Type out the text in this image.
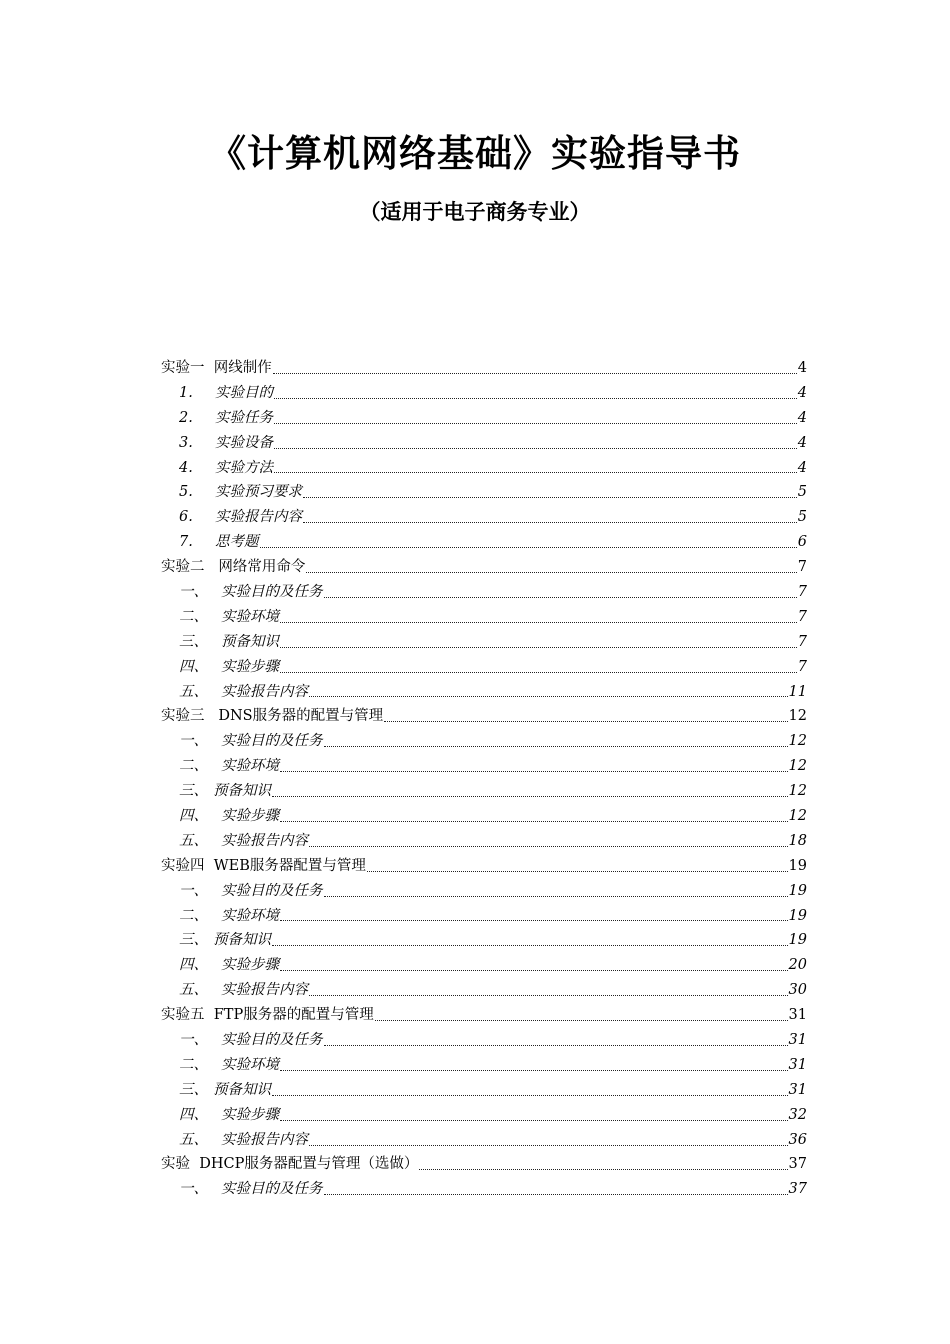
《计算机网络基础》实验指导书
（适用于电子商务专业）
实验一 网线制作	4
1.	实验目的	4
2.	实验任务	4
3.	实验设备	4
4.	实验方法	4
5.	实验预习要求	5
6.	实验报告内容	5
7.	思考题	6
实验二 网络常用命令	7
一、 实验目的及任务	7
二、 实验环境	7
三、 预备知识	7
四、 实验步骤	7
五、 实验报告内容	11
实验三 DNS服务器的配置与管理	12
一、 实验目的及任务	12
二、 实验环境	12
三、 预备知识	12
四、 实验步骤	12
五、 实验报告内容	18
实验四 WEB服务器配置与管理	19
一、 实验目的及任务	19
二、 实验环境	19
三、 预备知识	19
四、 实验步骤	20
五、 实验报告内容	30
实验五 FTP服务器的配置与管理	31
一、 实验目的及任务	31
二、 实验环境	31
三、 预备知识	31
四、 实验步骤	32
五、 实验报告内容	36
实验 DHCP服务器配置与管理（选做）	37
一、 实验目的及任务	37
